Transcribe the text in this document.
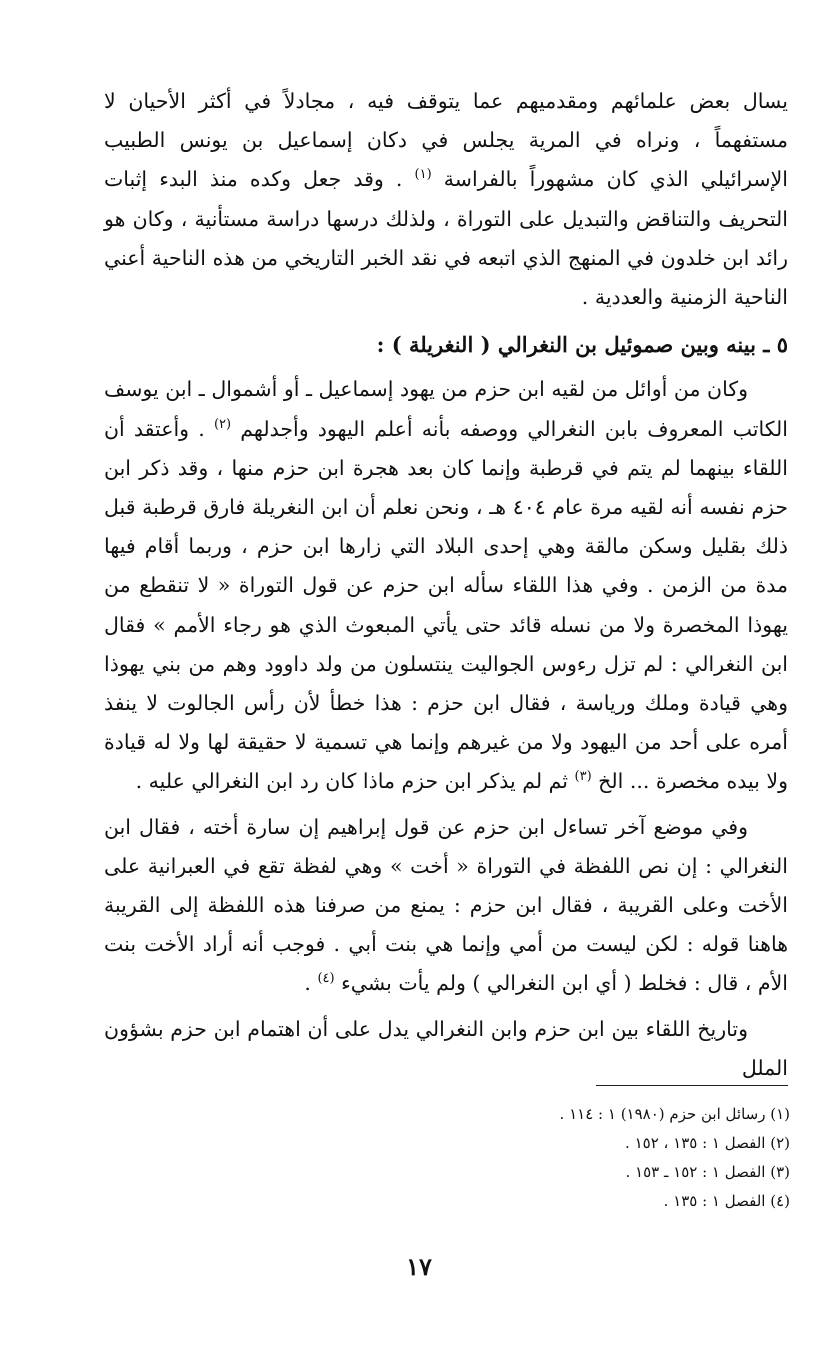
يسال بعض علمائهم ومقدميهم عما يتوقف فيه ، مجادلاً في أكثر الأحيان لا مستفهماً ، ونراه في المرية يجلس في دكان إسماعيل بن يونس الطبيب الإسرائيلي الذي كان مشهوراً بالفراسة $^{(١)}$ . وقد جعل وكده منذ البدء إثبات التحريف والتناقض والتبديل على التوراة ، ولذلك درسها دراسة مستأنية ، وكان هو رائد ابن خلدون في المنهج الذي اتبعه في نقد الخبر التاريخي من هذه الناحية أعني الناحية الزمنية والعددية .

٥ ـ بينه وبين صموئيل بن النغرالي ( النغريلة ) :

وكان من أوائل من لقيه ابن حزم من يهود إسماعيل ـ أو أشموال ـ ابن يوسف الكاتب المعروف بابن النغرالي ووصفه بأنه أعلم اليهود وأجدلهم $^{(٢)}$ . وأعتقد أن اللقاء بينهما لم يتم في قرطبة وإنما كان بعد هجرة ابن حزم منها ، وقد ذكر ابن حزم نفسه أنه لقيه مرة عام ٤٠٤ هـ ، ونحن نعلم أن ابن النغريلة فارق قرطبة قبل ذلك بقليل وسكن مالقة وهي إحدى البلاد التي زارها ابن حزم ، وربما أقام فيها مدة من الزمن . وفي هذا اللقاء سأله ابن حزم عن قول التوراة « لا تنقطع من يهوذا المخصرة ولا من نسله قائد حتى يأتي المبعوث الذي هو رجاء الأمم » فقال ابن النغرالي : لم تزل رءوس الجواليت ينتسلون من ولد داوود وهم من بني يهوذا وهي قيادة وملك ورياسة ، فقال ابن حزم : هذا خطأ لأن رأس الجالوت لا ينفذ أمره على أحد من اليهود ولا من غيرهم وإنما هي تسمية لا حقيقة لها ولا له قيادة ولا بيده مخصرة ... الخ $^{(٣)}$ ثم لم يذكر ابن حزم ماذا كان رد ابن النغرالي عليه .

وفي موضع آخر تساءل ابن حزم عن قول إبراهيم إن سارة أخته ، فقال ابن النغرالي : إن نص اللفظة في التوراة « أخت » وهي لفظة تقع في العبرانية على الأخت وعلى القريبة ، فقال ابن حزم : يمنع من صرفنا هذه اللفظة إلى القريبة هاهنا قوله : لكن ليست من أمي وإنما هي بنت أبي . فوجب أنه أراد الأخت بنت الأم ، قال : فخلط ( أي ابن النغرالي ) ولم يأت بشيء $^{(٤)}$ .

وتاريخ اللقاء بين ابن حزم وابن النغرالي يدل على أن اهتمام ابن حزم بشؤون الملل

(١) رسائل ابن حزم (١٩٨٠) ١ : ١١٤ .
(٢) الفصل ١ : ١٣٥ ، ١٥٢ .
(٣) الفصل ١ : ١٥٢ ـ ١٥٣ .
(٤) الفصل ١ : ١٣٥ .
١٧
